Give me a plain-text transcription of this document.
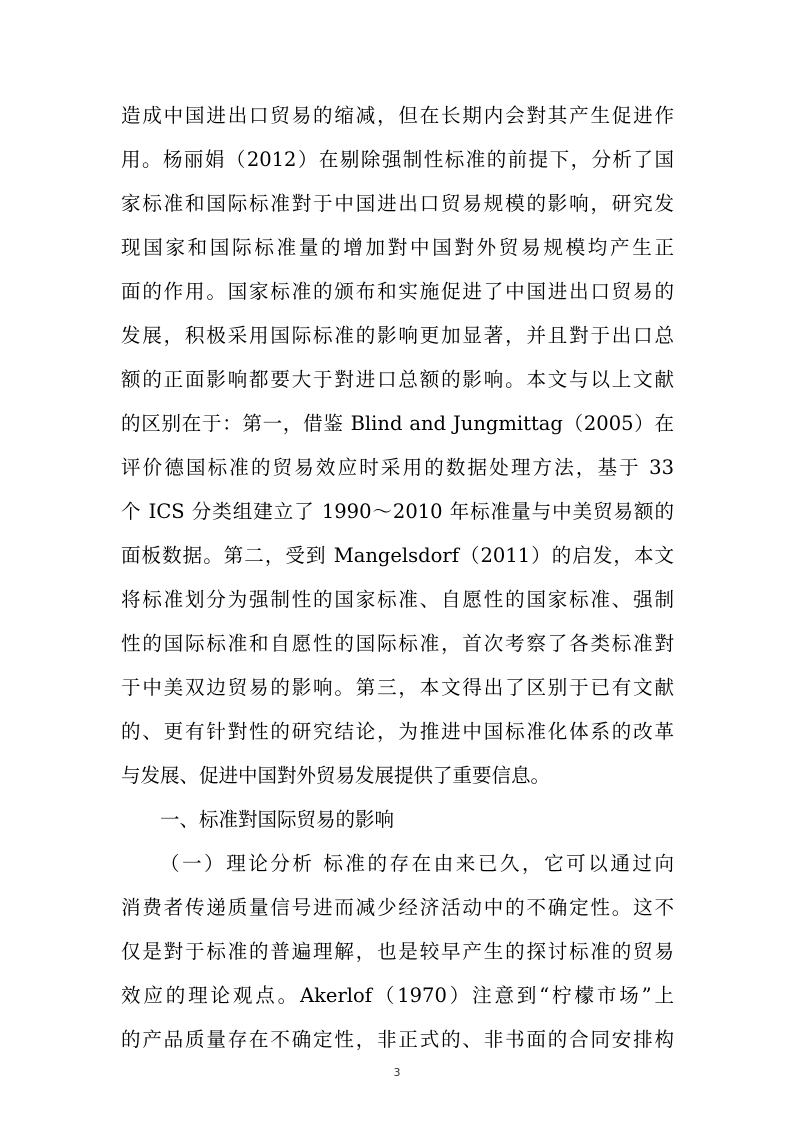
造成中国进出口贸易的缩减，但在长期内会對其产生促进作
用。杨丽娟（2012）在剔除强制性标准的前提下，分析了国
家标准和国际标准對于中国进出口贸易规模的影响，研究发
现国家和国际标准量的增加對中国對外贸易规模均产生正
面的作用。国家标准的颁布和实施促进了中国进出口贸易的
发展，积极采用国际标准的影响更加显著，并且對于出口总
额的正面影响都要大于對进口总额的影响。本文与以上文献
的区别在于：第一，借鉴 Blind and Jungmittag（2005）在
评价德国标准的贸易效应时采用的数据处理方法，基于 33
个 ICS 分类组建立了 1990～2010 年标准量与中美贸易额的
面板数据。第二，受到 Mangelsdorf（2011）的启发，本文
将标准划分为强制性的国家标准、自愿性的国家标准、强制
性的国际标准和自愿性的国际标准，首次考察了各类标准對
于中美双边贸易的影响。第三，本文得出了区别于已有文献
的、更有针對性的研究结论，为推进中国标准化体系的改革
与发展、促进中国對外贸易发展提供了重要信息。
一、标准對国际贸易的影响
（一）理论分析 标准的存在由来已久，它可以通过向
消费者传递质量信号进而减少经济活动中的不确定性。这不
仅是對于标准的普遍理解，也是较早产生的探讨标准的贸易
效应的理论观点。Akerlof（1970）注意到“柠檬市场”上
的产品质量存在不确定性，非正式的、非书面的合同安排构
3
